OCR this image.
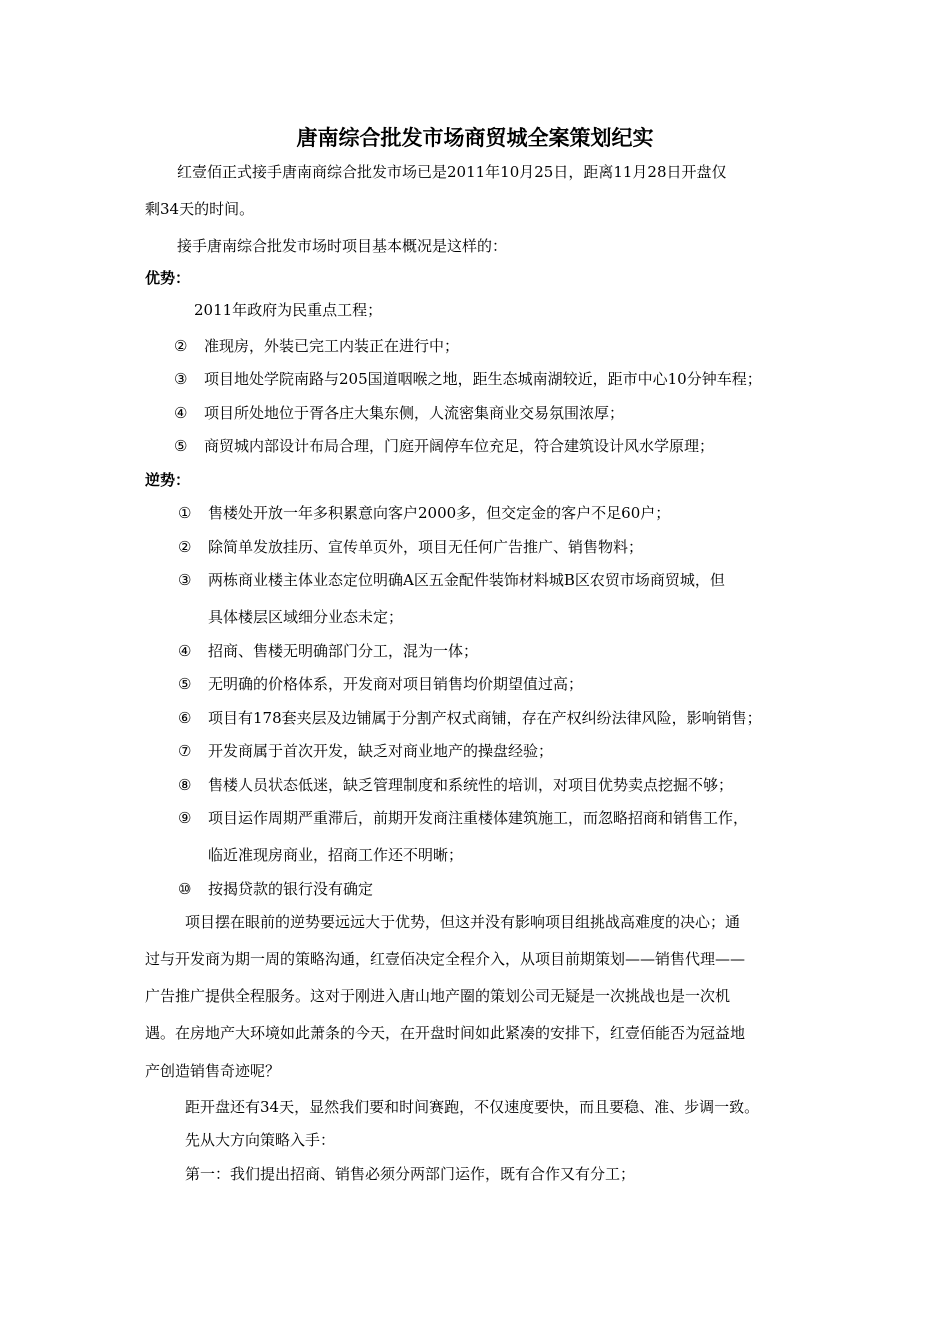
唐南综合批发市场商贸城全案策划纪实
红壹佰正式接手唐南商综合批发市场已是2011年10月25日，距离11月28日开盘仅
剩34天的时间。
接手唐南综合批发市场时项目基本概况是这样的：
优势：
2011年政府为民重点工程；
② 准现房，外装已完工内装正在进行中；
③ 项目地处学院南路与205国道咽喉之地，距生态城南湖较近，距市中心10分钟车程；
④ 项目所处地位于胥各庄大集东侧，人流密集商业交易氛围浓厚；
⑤ 商贸城内部设计布局合理，门庭开阔停车位充足，符合建筑设计风水学原理；
逆势：
① 售楼处开放一年多积累意向客户2000多，但交定金的客户不足60户；
② 除简单发放挂历、宣传单页外，项目无任何广告推广、销售物料；
③ 两栋商业楼主体业态定位明确A区五金配件装饰材料城B区农贸市场商贸城，但
具体楼层区域细分业态未定；
④ 招商、售楼无明确部门分工，混为一体；
⑤ 无明确的价格体系，开发商对项目销售均价期望值过高；
⑥ 项目有178套夹层及边铺属于分割产权式商铺，存在产权纠纷法律风险，影响销售；
⑦ 开发商属于首次开发，缺乏对商业地产的操盘经验；
⑧ 售楼人员状态低迷，缺乏管理制度和系统性的培训，对项目优势卖点挖掘不够；
⑨ 项目运作周期严重滞后，前期开发商注重楼体建筑施工，而忽略招商和销售工作，
临近准现房商业，招商工作还不明晰；
⑩ 按揭贷款的银行没有确定
项目摆在眼前的逆势要远远大于优势，但这并没有影响项目组挑战高难度的决心；通
过与开发商为期一周的策略沟通，红壹佰决定全程介入，从项目前期策划——销售代理——
广告推广提供全程服务。这对于刚进入唐山地产圈的策划公司无疑是一次挑战也是一次机
遇。在房地产大环境如此萧条的今天，在开盘时间如此紧凑的安排下，红壹佰能否为冠益地
产创造销售奇迹呢？
距开盘还有34天，显然我们要和时间赛跑，不仅速度要快，而且要稳、准、步调一致。
先从大方向策略入手：
第一：我们提出招商、销售必须分两部门运作，既有合作又有分工；
